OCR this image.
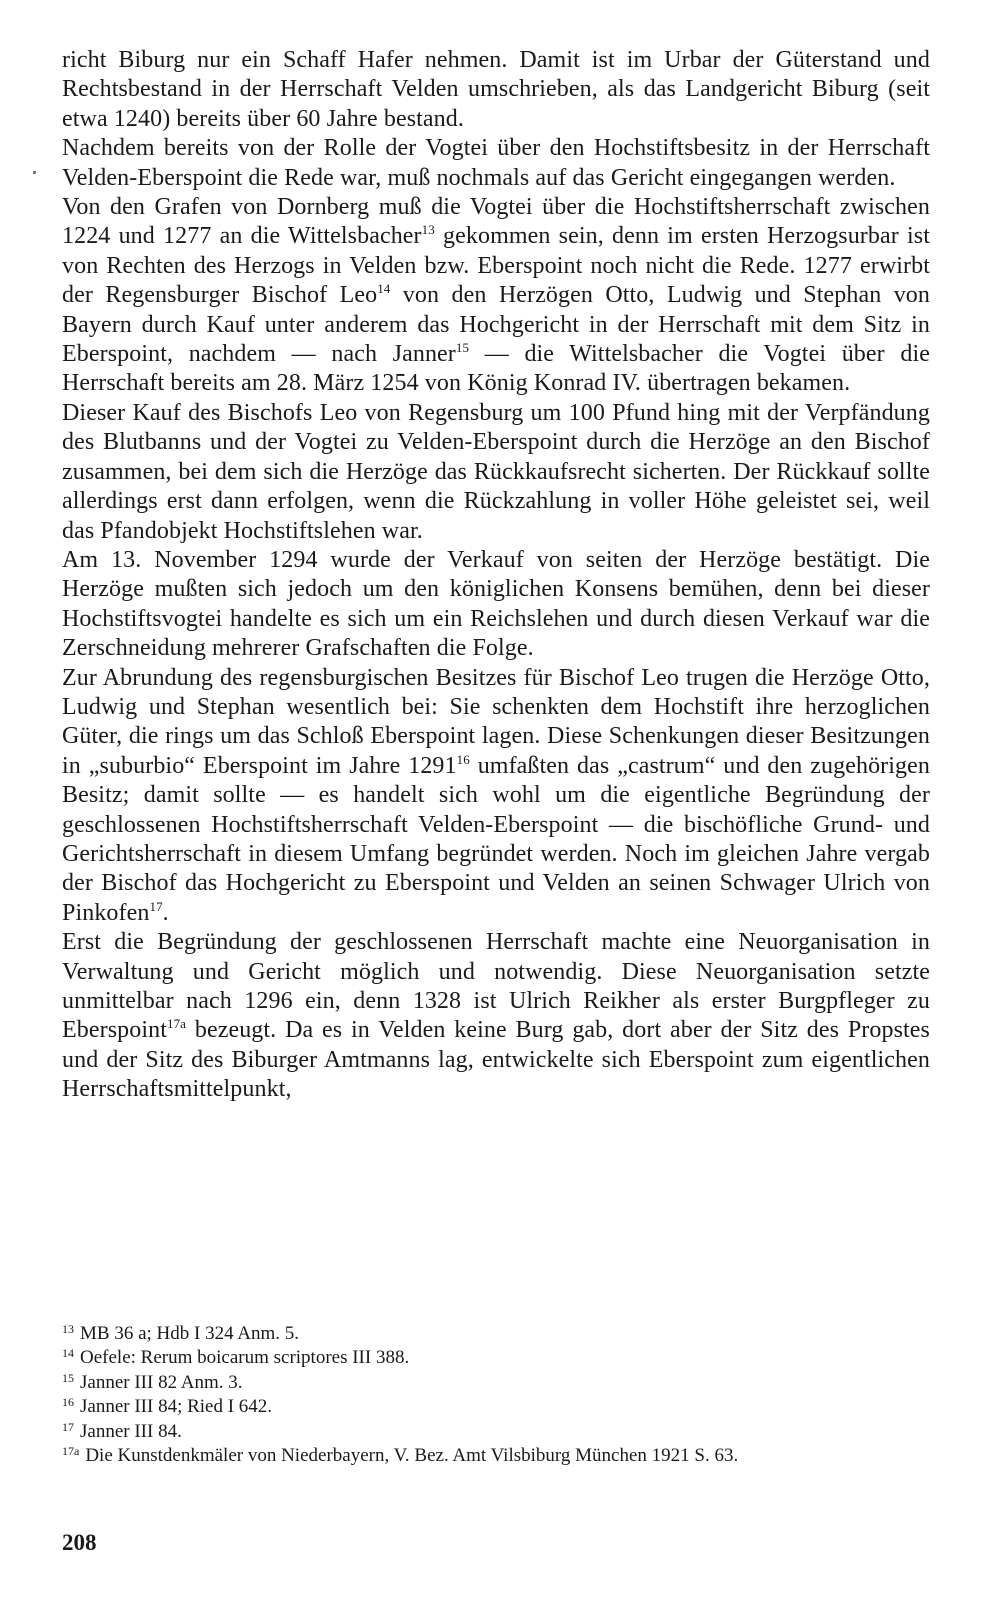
richt Biburg nur ein Schaff Hafer nehmen. Damit ist im Urbar der Güterstand und Rechtsbestand in der Herrschaft Velden umschrieben, als das Landgericht Biburg (seit etwa 1240) bereits über 60 Jahre bestand.

Nachdem bereits von der Rolle der Vogtei über den Hochstiftsbesitz in der Herrschaft Velden-Eberspoint die Rede war, muß nochmals auf das Gericht eingegangen werden.

Von den Grafen von Dornberg muß die Vogtei über die Hochstiftsherrschaft zwischen 1224 und 1277 an die Wittelsbacher$^{13}$ gekommen sein, denn im ersten Herzogsurbar ist von Rechten des Herzogs in Velden bzw. Eberspoint noch nicht die Rede. 1277 erwirbt der Regensburger Bischof Leo$^{14}$ von den Herzögen Otto, Ludwig und Stephan von Bayern durch Kauf unter anderem das Hochgericht in der Herrschaft mit dem Sitz in Eberspoint, nachdem — nach Janner$^{15}$ — die Wittelsbacher die Vogtei über die Herrschaft bereits am 28. März 1254 von König Konrad IV. übertragen bekamen.

Dieser Kauf des Bischofs Leo von Regensburg um 100 Pfund hing mit der Verpfändung des Blutbanns und der Vogtei zu Velden-Eberspoint durch die Herzöge an den Bischof zusammen, bei dem sich die Herzöge das Rückkaufsrecht sicherten. Der Rückkauf sollte allerdings erst dann erfolgen, wenn die Rückzahlung in voller Höhe geleistet sei, weil das Pfandobjekt Hochstiftslehen war.

Am 13. November 1294 wurde der Verkauf von seiten der Herzöge bestätigt. Die Herzöge mußten sich jedoch um den königlichen Konsens bemühen, denn bei dieser Hochstiftsvogtei handelte es sich um ein Reichslehen und durch diesen Verkauf war die Zerschneidung mehrerer Grafschaften die Folge.

Zur Abrundung des regensburgischen Besitzes für Bischof Leo trugen die Herzöge Otto, Ludwig und Stephan wesentlich bei: Sie schenkten dem Hochstift ihre herzoglichen Güter, die rings um das Schloß Eberspoint lagen. Diese Schenkungen dieser Besitzungen in „suburbio“ Eberspoint im Jahre 1291$^{16}$ umfaßten das „castrum“ und den zugehörigen Besitz; damit sollte — es handelt sich wohl um die eigentliche Begründung der geschlossenen Hochstiftsherrschaft Velden-Eberspoint — die bischöfliche Grund- und Gerichtsherrschaft in diesem Umfang begründet werden. Noch im gleichen Jahre vergab der Bischof das Hochgericht zu Eberspoint und Velden an seinen Schwager Ulrich von Pinkofen$^{17}$.

Erst die Begründung der geschlossenen Herrschaft machte eine Neuorganisation in Verwaltung und Gericht möglich und notwendig. Diese Neuorganisation setzte unmittelbar nach 1296 ein, denn 1328 ist Ulrich Reikher als erster Burgpfleger zu Eberspoint$^{17a}$ bezeugt. Da es in Velden keine Burg gab, dort aber der Sitz des Propstes und der Sitz des Biburger Amtmanns lag, entwickelte sich Eberspoint zum eigentlichen Herrschaftsmittelpunkt,

$^{13}$ MB 36 a; Hdb I 324 Anm. 5.

$^{14}$ Oefele: Rerum boicarum scriptores III 388.

$^{15}$ Janner III 82 Anm. 3.

$^{16}$ Janner III 84; Ried I 642.

$^{17}$ Janner III 84.

$^{17a}$ Die Kunstdenkmäler von Niederbayern, V. Bez. Amt Vilsbiburg München 1921 S. 63.

208
